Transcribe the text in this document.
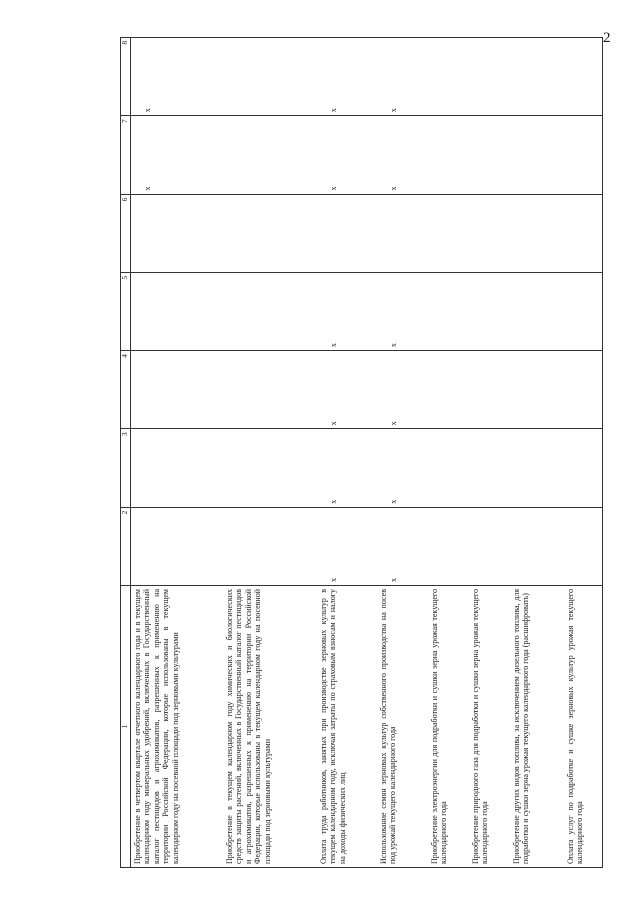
2
1	2	3	4	5	6	7	8
Приобретение в четвертом квартале отчетного календарного года и в текущем календарном году минеральных удобрений, включенных в Государственный каталог пестицидов и агрохимикатов, разрешенных к применению на территории Российской Федерации, которые использованы в текущем календарном году на посевной площади под зерновыми культурами						x	x
Приобретение в текущем календарном году химических и биологических средств защиты растений, включенных в Государственный каталог пестицидов и агрохимикатов, разрешенных к применению на территории Российской Федерации, которые использованы в текущем календарном году на посевной площади под зерновыми культурами							
Оплата труда работников, занятых при производстве зерновых культур в текущем календарном году, исключая затраты по страховым взносам и налогу на доходы физических лиц	x	x	x	x		x	x
Использование семян зерновых культур собственного производства на посев под урожай текущего календарного года	x	x	x	x		x	x
Приобретение электроэнергии для подработки и сушки зерна урожая текущего календарного года							
Приобретение природного газа для подработки и сушки зерна урожая текущего календарного года							
Приобретение других видов топлива, за исключением дизельного топлива, для подработки и сушки зерна урожая текущего календарного года (расшифровать)							
Оплата услуг по подработке и сушке зерновых культур урожая текущего календарного года							
